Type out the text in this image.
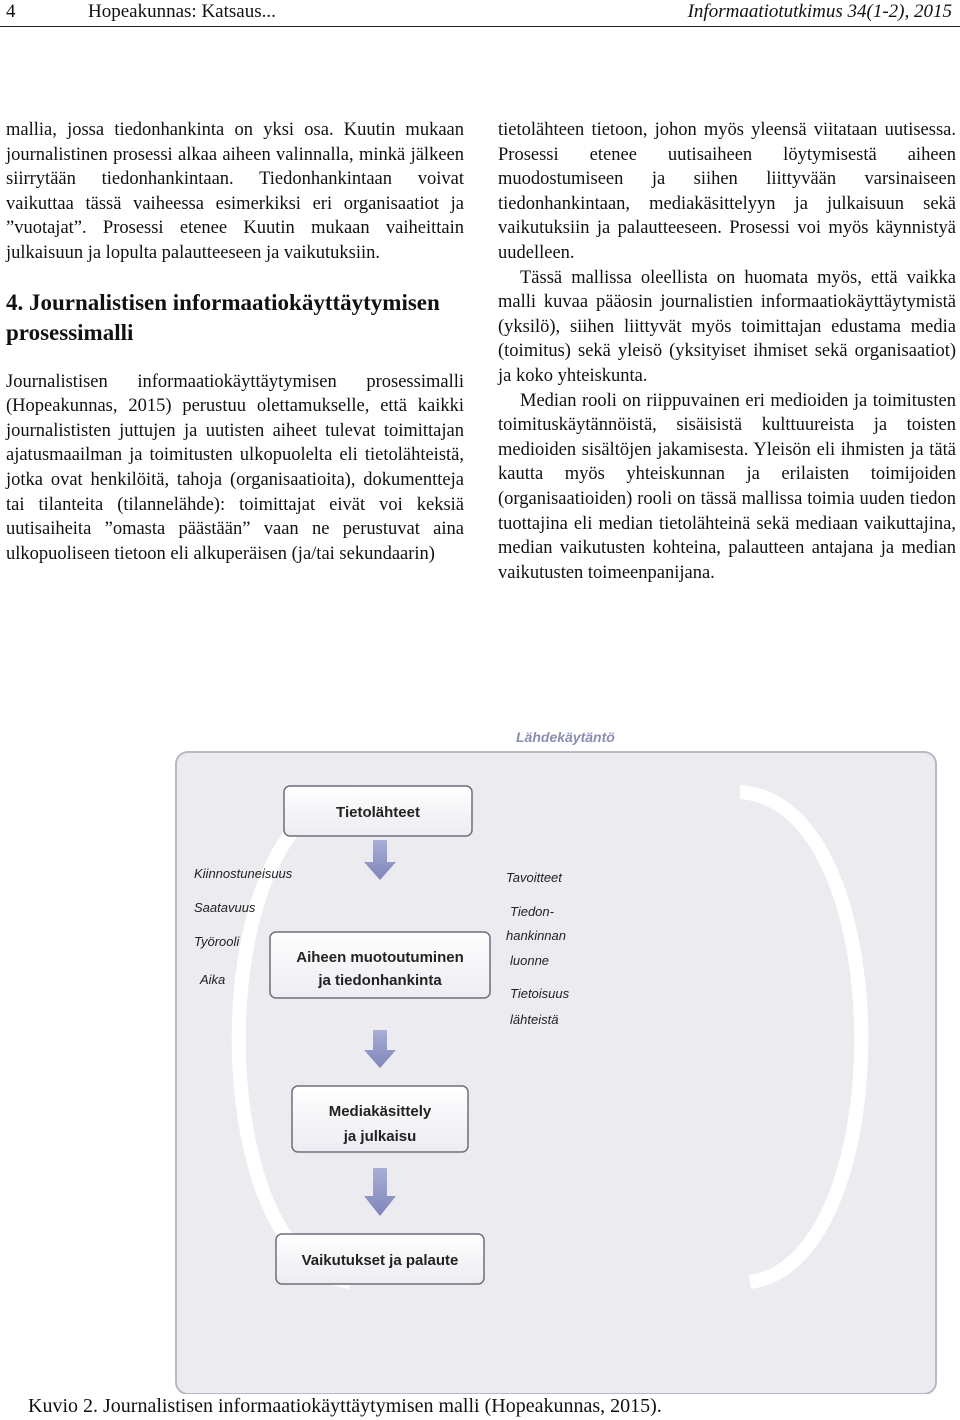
4	Hopeakunnas: Katsaus...	Informaatiotutkimus 34(1-2), 2015

mallia, jossa tiedonhankinta on yksi osa. Kuutin mukaan journalistinen prosessi alkaa aiheen valinnalla, minkä jälkeen siirrytään tiedonhankintaan. Tiedonhankintaan voivat vaikuttaa tässä vaiheessa esimerkiksi eri organisaatiot ja ”vuotajat”. Prosessi etenee Kuutin mukaan vaiheittain julkaisuun ja lopulta palautteeseen ja vaikutuksiin.

4. Journalistisen informaatiokäyttäytymisen prosessimalli

Journalistisen informaatiokäyttäytymisen prosessimalli (Hopeakunnas, 2015) perustuu olettamukselle, että kaikki journalististen juttujen ja uutisten aiheet tulevat toimittajan ajatusmaailman ja toimitusten ulkopuolelta eli tietolähteistä, jotka ovat henkilöitä, tahoja (organisaatioita), dokumentteja tai tilanteita (tilannelähde): toimittajat eivät voi keksiä uutisaiheita ”omasta päästään” vaan ne perustuvat aina ulkopuoliseen tietoon eli alkuperäisen (ja/tai sekundaarin)

tietolähteen tietoon, johon myös yleensä viitataan uutisessa. Prosessi etenee uutisaiheen löytymisestä aiheen muodostumiseen ja siihen liittyvään varsinaiseen tiedonhankintaan, mediakäsittelyyn ja julkaisuun sekä vaikutuksiin ja palautteeseen. Prosessi voi myös käynnistyä uudelleen.

Tässä mallissa oleellista on huomata myös, että vaikka malli kuvaa pääosin journalistien informaatiokäyttäytymistä (yksilö), siihen liittyvät myös toimittajan edustama media (toimitus) sekä yleisö (yksityiset ihmiset sekä organisaatiot) ja koko yhteiskunta.

Median rooli on riippuvainen eri medioiden ja toimitusten toimituskäytännöistä, sisäisistä kulttuureista ja toisten medioiden sisältöjen jakamisesta. Yleisön eli ihmisten ja tätä kautta myös yhteiskunnan ja erilaisten toimijoiden (organisaatioiden) rooli on tässä mallissa toimia uuden tiedon tuottajina eli median tietolähteinä sekä mediaan vaikuttajina, median vaikutusten kohteina, palautteen antajana ja median vaikutusten toimeenpanijana.

Lähdekäytäntö
Tietolähteet
Aiheen muotoutuminen
ja tiedonhankinta
Kiinnostuneisuus
Saatavuus
Työrooli
Aika
Tavoitteet
Tiedon-
hankinnan
luonne
Tietoisuus
lähteistä
Mediakäsittely
ja julkaisu
Vaikutukset ja palaute
Kuvio 2. Journalistisen informaatiokäyttäytymisen malli (Hopeakunnas, 2015).
